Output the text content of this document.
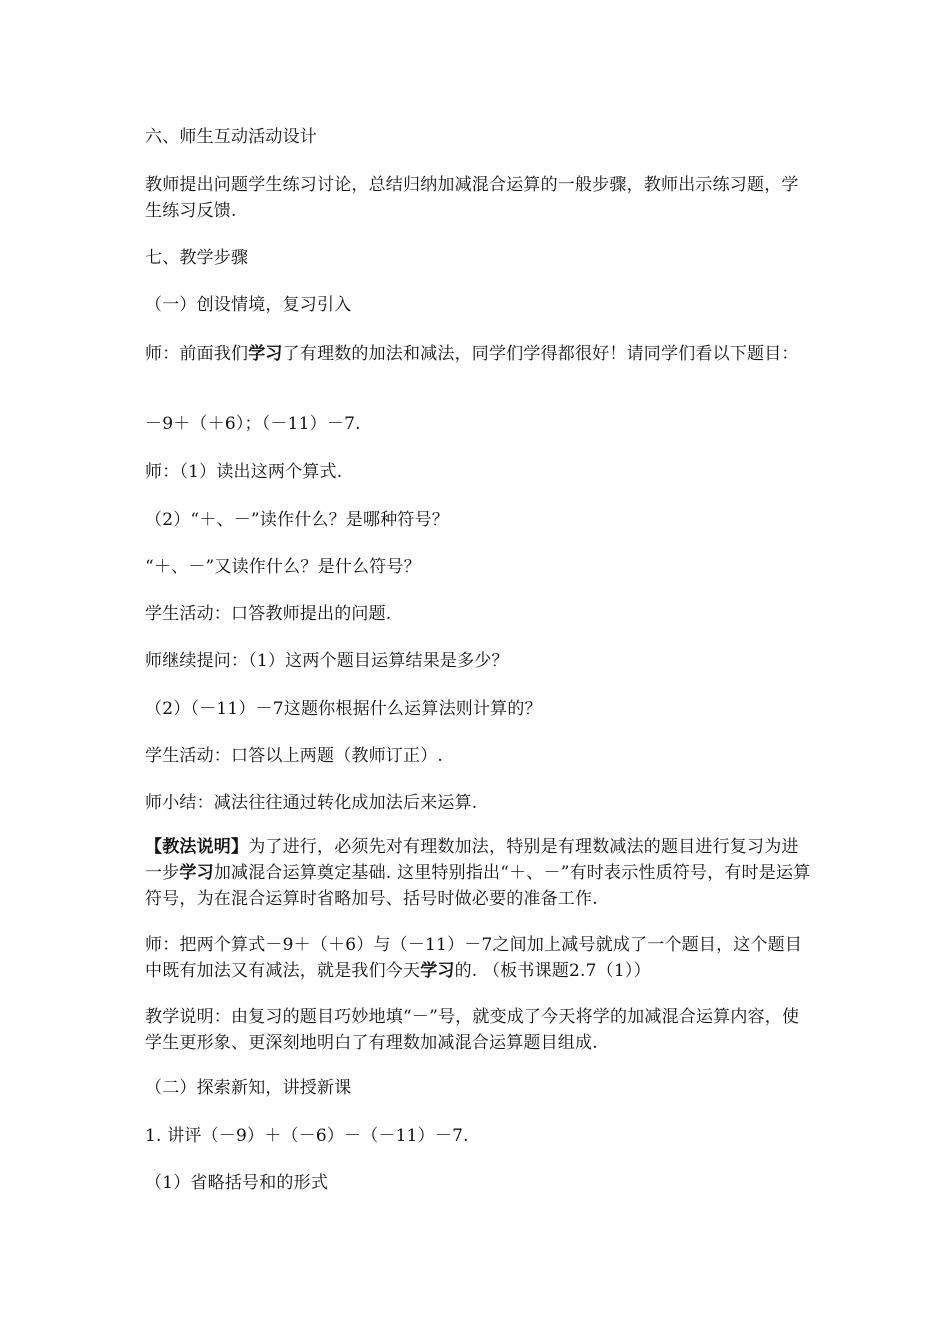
六、师生互动活动设计
教师提出问题学生练习讨论，总结归纳加减混合运算的一般步骤，教师出示练习题，学生练习反馈.
七、教学步骤
（一）创设情境，复习引入
师：前面我们学习了有理数的加法和减法，同学们学得都很好！请同学们看以下题目：
－9＋（＋6）；（－11）－7.
师：（1）读出这两个算式.
（2）“＋、－”读作什么？是哪种符号？
“＋、－”又读作什么？是什么符号？
学生活动：口答教师提出的问题.
师继续提问：（1）这两个题目运算结果是多少？
（2）（－11）－7这题你根据什么运算法则计算的？
学生活动：口答以上两题（教师订正）.
师小结：减法往往通过转化成加法后来运算.
【教法说明】为了进行，必须先对有理数加法，特别是有理数减法的题目进行复习为进一步学习加减混合运算奠定基础. 这里特别指出“＋、－”有时表示性质符号，有时是运算符号，为在混合运算时省略加号、括号时做必要的准备工作.
师：把两个算式－9＋（＋6）与（－11）－7之间加上减号就成了一个题目，这个题目中既有加法又有减法，就是我们今天学习的. （板书课题2.7（1））
教学说明：由复习的题目巧妙地填“－”号，就变成了今天将学的加减混合运算内容，使学生更形象、更深刻地明白了有理数加减混合运算题目组成.
（二）探索新知，讲授新课
1. 讲评（－9）＋（－6）－（－11）－7.
（1）省略括号和的形式
